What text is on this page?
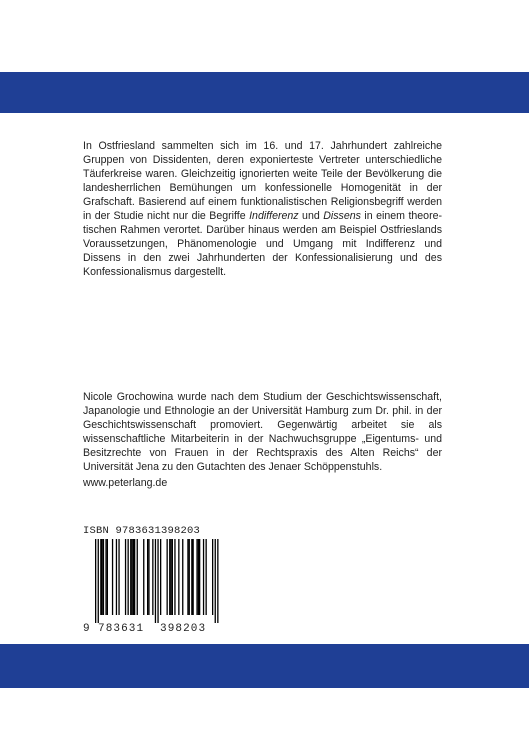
In Ostfriesland sammelten sich im 16. und 17. Jahrhundert zahlreiche Gruppen von Dissidenten, deren exponierteste Vertreter unterschiedliche Täuferkreise waren. Gleichzeitig ignorierten weite Teile der Bevölkerung die landesherrlichen Bemühungen um konfessionelle Homogenität in der Grafschaft. Basierend auf einem funktionalistischen Religionsbegriff werden in der Studie nicht nur die Begriffe Indifferenz und Dissens in einem theoretischen Rahmen verortet. Darüber hinaus werden am Beispiel Ostfrieslands Voraussetzungen, Phänomenologie und Umgang mit Indifferenz und Dissens in den zwei Jahrhunderten der Konfessionalisierung und des Konfessionalismus dargestellt.

Nicole Grochowina wurde nach dem Studium der Geschichtswissenschaft, Japanologie und Ethnologie an der Universität Hamburg zum Dr. phil. in der Geschichtswissenschaft promoviert. Gegenwärtig arbeitet sie als wissenschaftliche Mitarbeiterin in der Nachwuchsgruppe „Eigentums- und Besitzrechte von Frauen in der Rechtspraxis des Alten Reichs“ der Universität Jena zu den Gutachten des Jenaer Schöppenstuhls.

www.peterlang.de
ISBN 9783631398203
9 783631 398203
